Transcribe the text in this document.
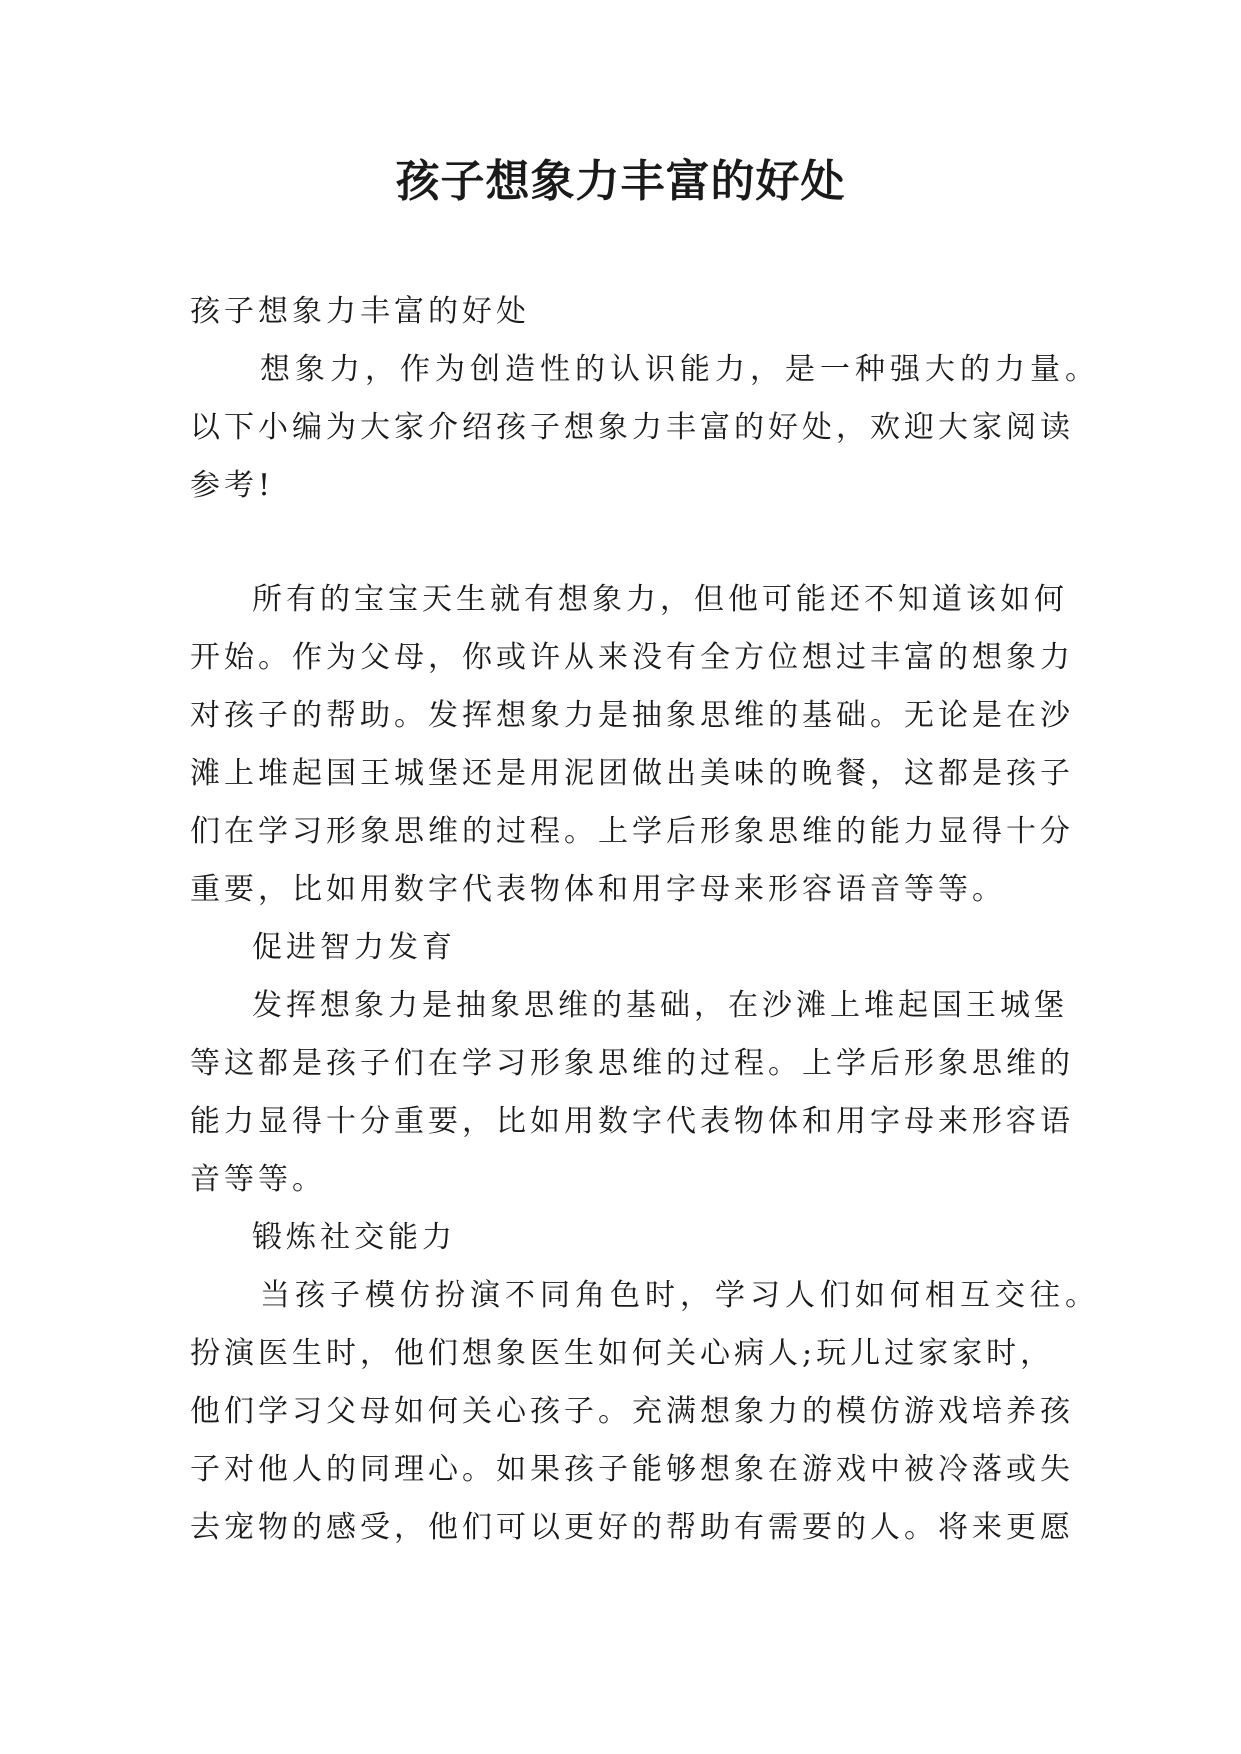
孩子想象力丰富的好处
孩子想象力丰富的好处
想象力，作为创造性的认识能力，是一种强大的力量。
以下小编为大家介绍孩子想象力丰富的好处，欢迎大家阅读
参考!
所有的宝宝天生就有想象力，但他可能还不知道该如何
开始。作为父母，你或许从来没有全方位想过丰富的想象力
对孩子的帮助。发挥想象力是抽象思维的基础。无论是在沙
滩上堆起国王城堡还是用泥团做出美味的晚餐，这都是孩子
们在学习形象思维的过程。上学后形象思维的能力显得十分
重要，比如用数字代表物体和用字母来形容语音等等。
促进智力发育
发挥想象力是抽象思维的基础，在沙滩上堆起国王城堡
等这都是孩子们在学习形象思维的过程。上学后形象思维的
能力显得十分重要，比如用数字代表物体和用字母来形容语
音等等。
锻炼社交能力
当孩子模仿扮演不同角色时，学习人们如何相互交往。
扮演医生时，他们想象医生如何关心病人;玩儿过家家时，
他们学习父母如何关心孩子。充满想象力的模仿游戏培养孩
子对他人的同理心。如果孩子能够想象在游戏中被冷落或失
去宠物的感受，他们可以更好的帮助有需要的人。将来更愿
